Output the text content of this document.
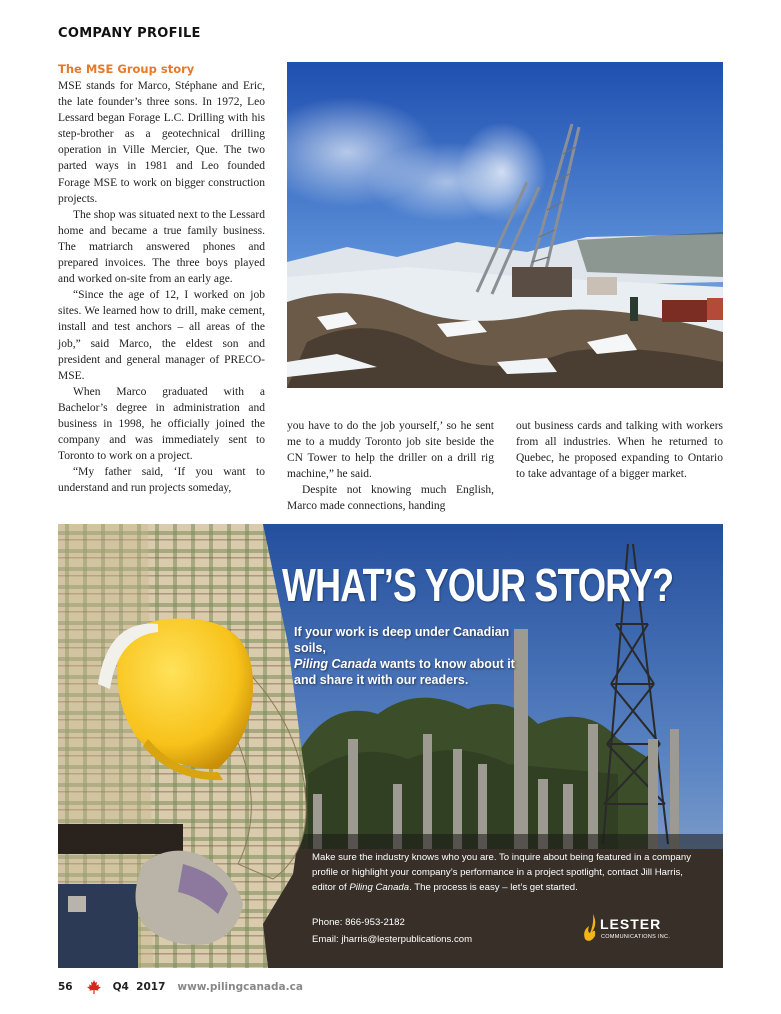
COMPANY PROFILE
The MSE Group story

MSE stands for Marco, Stéphane and Eric, the late founder’s three sons. In 1972, Leo Lessard began Forage L.C. Drilling with his step-brother as a geotechnical drilling operation in Ville Mercier, Que. The two parted ways in 1981 and Leo founded Forage MSE to work on bigger construction projects.

The shop was situated next to the Lessard home and became a true family business. The matriarch answered phones and prepared invoices. The three boys played and worked on-site from an early age.

“Since the age of 12, I worked on job sites. We learned how to drill, make cement, install and test anchors – all areas of the job,” said Marco, the eldest son and president and general manager of PRECO-MSE.

When Marco graduated with a Bachelor’s degree in administration and business in 1998, he officially joined the company and was immediately sent to Toronto to work on a project.

“My father said, ‘If you want to understand and run projects someday,

you have to do the job yourself,’ so he sent me to a muddy Toronto job site beside the CN Tower to help the driller on a drill rig machine,” he said.

Despite not knowing much English, Marco made connections, handing

out business cards and talking with workers from all industries. When he returned to Quebec, he proposed expanding to Ontario to take advantage of a bigger market.

WHAT’S YOUR STORY?
If your work is deep under Canadian soils,
Piling Canada wants to know about it and share it with our readers.
Make sure the industry knows who you are. To inquire about being featured in a company profile or highlight your company’s performance in a project spotlight, contact Jill Harris, editor of Piling Canada. The process is easy – let’s get started.
Phone: 866-953-2182
Email: jharris@lesterpublications.com
LESTER
COMMUNICATIONS INC.
56	Q4  2017 www.pilingcanada.ca
